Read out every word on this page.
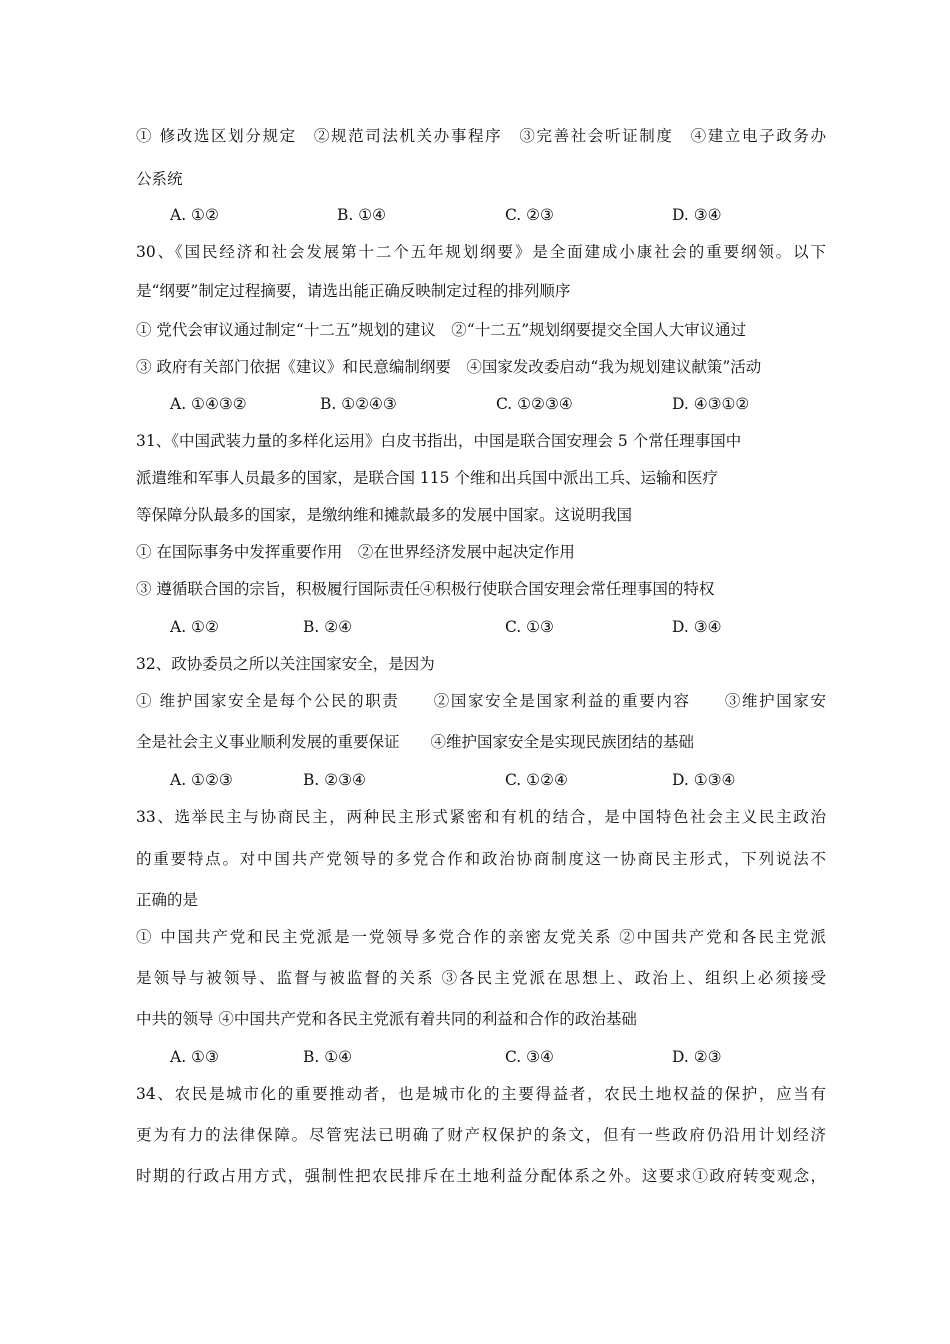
① 修改选区划分规定　②规范司法机关办事程序　③完善社会听证制度　④建立电子政务办
公系统
A. ①②	B. ①④	C. ②③	D. ③④
30、《国民经济和社会发展第十二个五年规划纲要》是全面建成小康社会的重要纲领。以下
是“纲要”制定过程摘要，请选出能正确反映制定过程的排列顺序
① 党代会审议通过制定“十二五”规划的建议　②“十二五”规划纲要提交全国人大审议通过
③ 政府有关部门依据《建议》和民意编制纲要　④国家发改委启动“我为规划建议献策”活动
A. ①④③②	B. ①②④③	C. ①②③④	D. ④③①②
31、《中国武装力量的多样化运用》白皮书指出，中国是联合国安理会 5 个常任理事国中
派遣维和军事人员最多的国家，是联合国 115 个维和出兵国中派出工兵、运输和医疗
等保障分队最多的国家，是缴纳维和摊款最多的发展中国家。这说明我国
① 在国际事务中发挥重要作用　②在世界经济发展中起决定作用
③ 遵循联合国的宗旨，积极履行国际责任④积极行使联合国安理会常任理事国的特权
A. ①②	B. ②④	C. ①③	D. ③④
32、政协委员之所以关注国家安全，是因为
① 维护国家安全是每个公民的职责　　②国家安全是国家利益的重要内容　　③维护国家安
全是社会主义事业顺利发展的重要保证　　④维护国家安全是实现民族团结的基础
A. ①②③	B. ②③④	C. ①②④	D. ①③④
33、选举民主与协商民主，两种民主形式紧密和有机的结合，是中国特色社会主义民主政治
的重要特点。对中国共产党领导的多党合作和政治协商制度这一协商民主形式，下列说法不
正确的是
① 中国共产党和民主党派是一党领导多党合作的亲密友党关系 ②中国共产党和各民主党派
是领导与被领导、监督与被监督的关系 ③各民主党派在思想上、政治上、组织上必须接受
中共的领导 ④中国共产党和各民主党派有着共同的利益和合作的政治基础
A. ①③	B. ①④	C. ③④	D. ②③
34、农民是城市化的重要推动者，也是城市化的主要得益者，农民土地权益的保护，应当有
更为有力的法律保障。尽管宪法已明确了财产权保护的条文，但有一些政府仍沿用计划经济
时期的行政占用方式，强制性把农民排斥在土地利益分配体系之外。这要求①政府转变观念，
